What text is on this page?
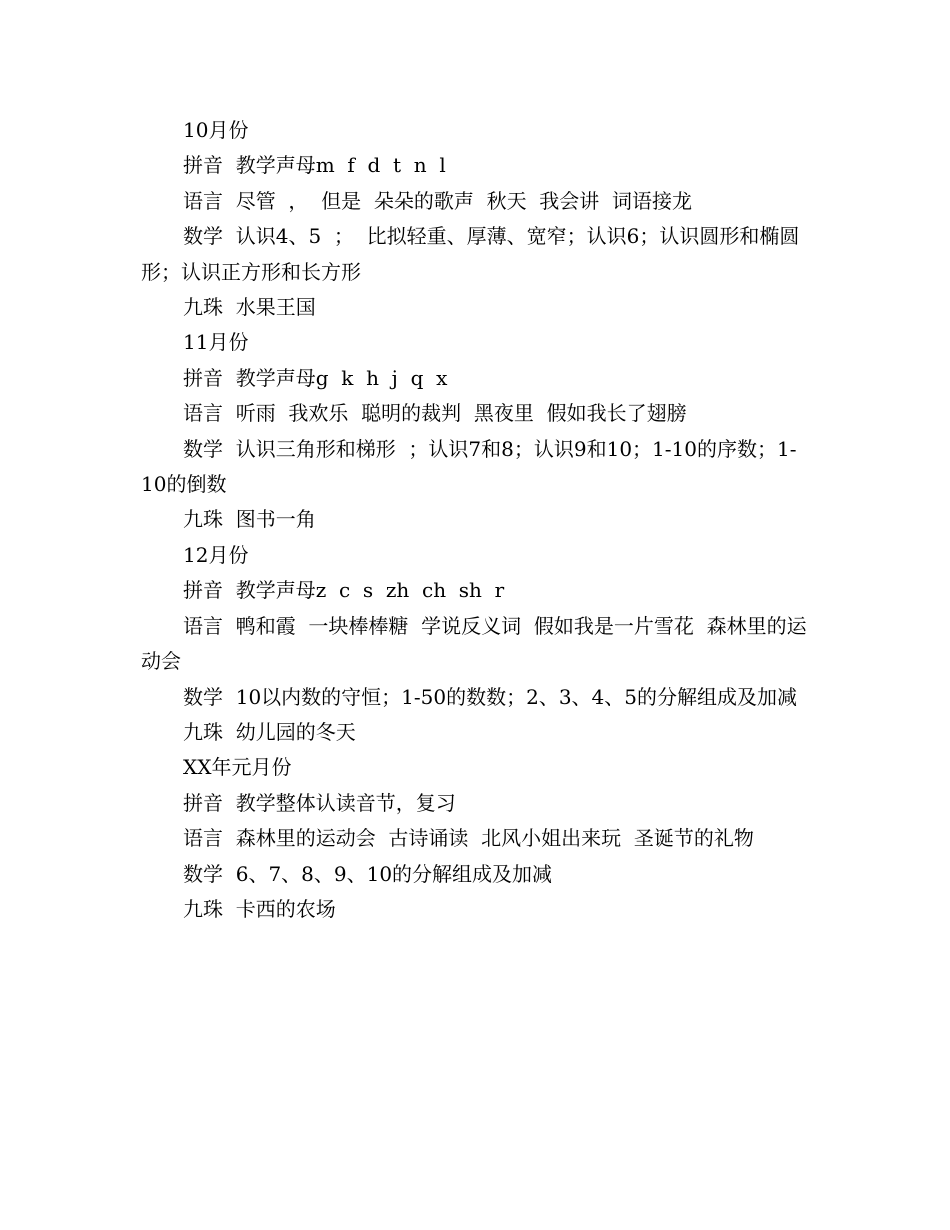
10月份

拼音  教学声母m  f  d  t  n  l

语言  尽管  ，  但是  朵朵的歌声  秋天  我会讲  词语接龙

数学  认识4、5  ；  比拟轻重、厚薄、宽窄；认识6；认识圆形和椭圆形；认识正方形和长方形

九珠  水果王国

11月份

拼音  教学声母g  k  h  j  q  x

语言  听雨  我欢乐  聪明的裁判  黑夜里  假如我长了翅膀

数学  认识三角形和梯形  ；认识7和8；认识9和10；1-10的序数；1-10的倒数

九珠  图书一角

12月份

拼音  教学声母z  c  s  zh  ch  sh  r

语言  鸭和霞  一块棒棒糖  学说反义词  假如我是一片雪花  森林里的运动会

数学  10以内数的守恒；1-50的数数；2、3、4、5的分解组成及加减

九珠  幼儿园的冬天

XX年元月份

拼音  教学整体认读音节，复习

语言  森林里的运动会  古诗诵读  北风小姐出来玩  圣诞节的礼物

数学  6、7、8、9、10的分解组成及加减

九珠  卡西的农场
